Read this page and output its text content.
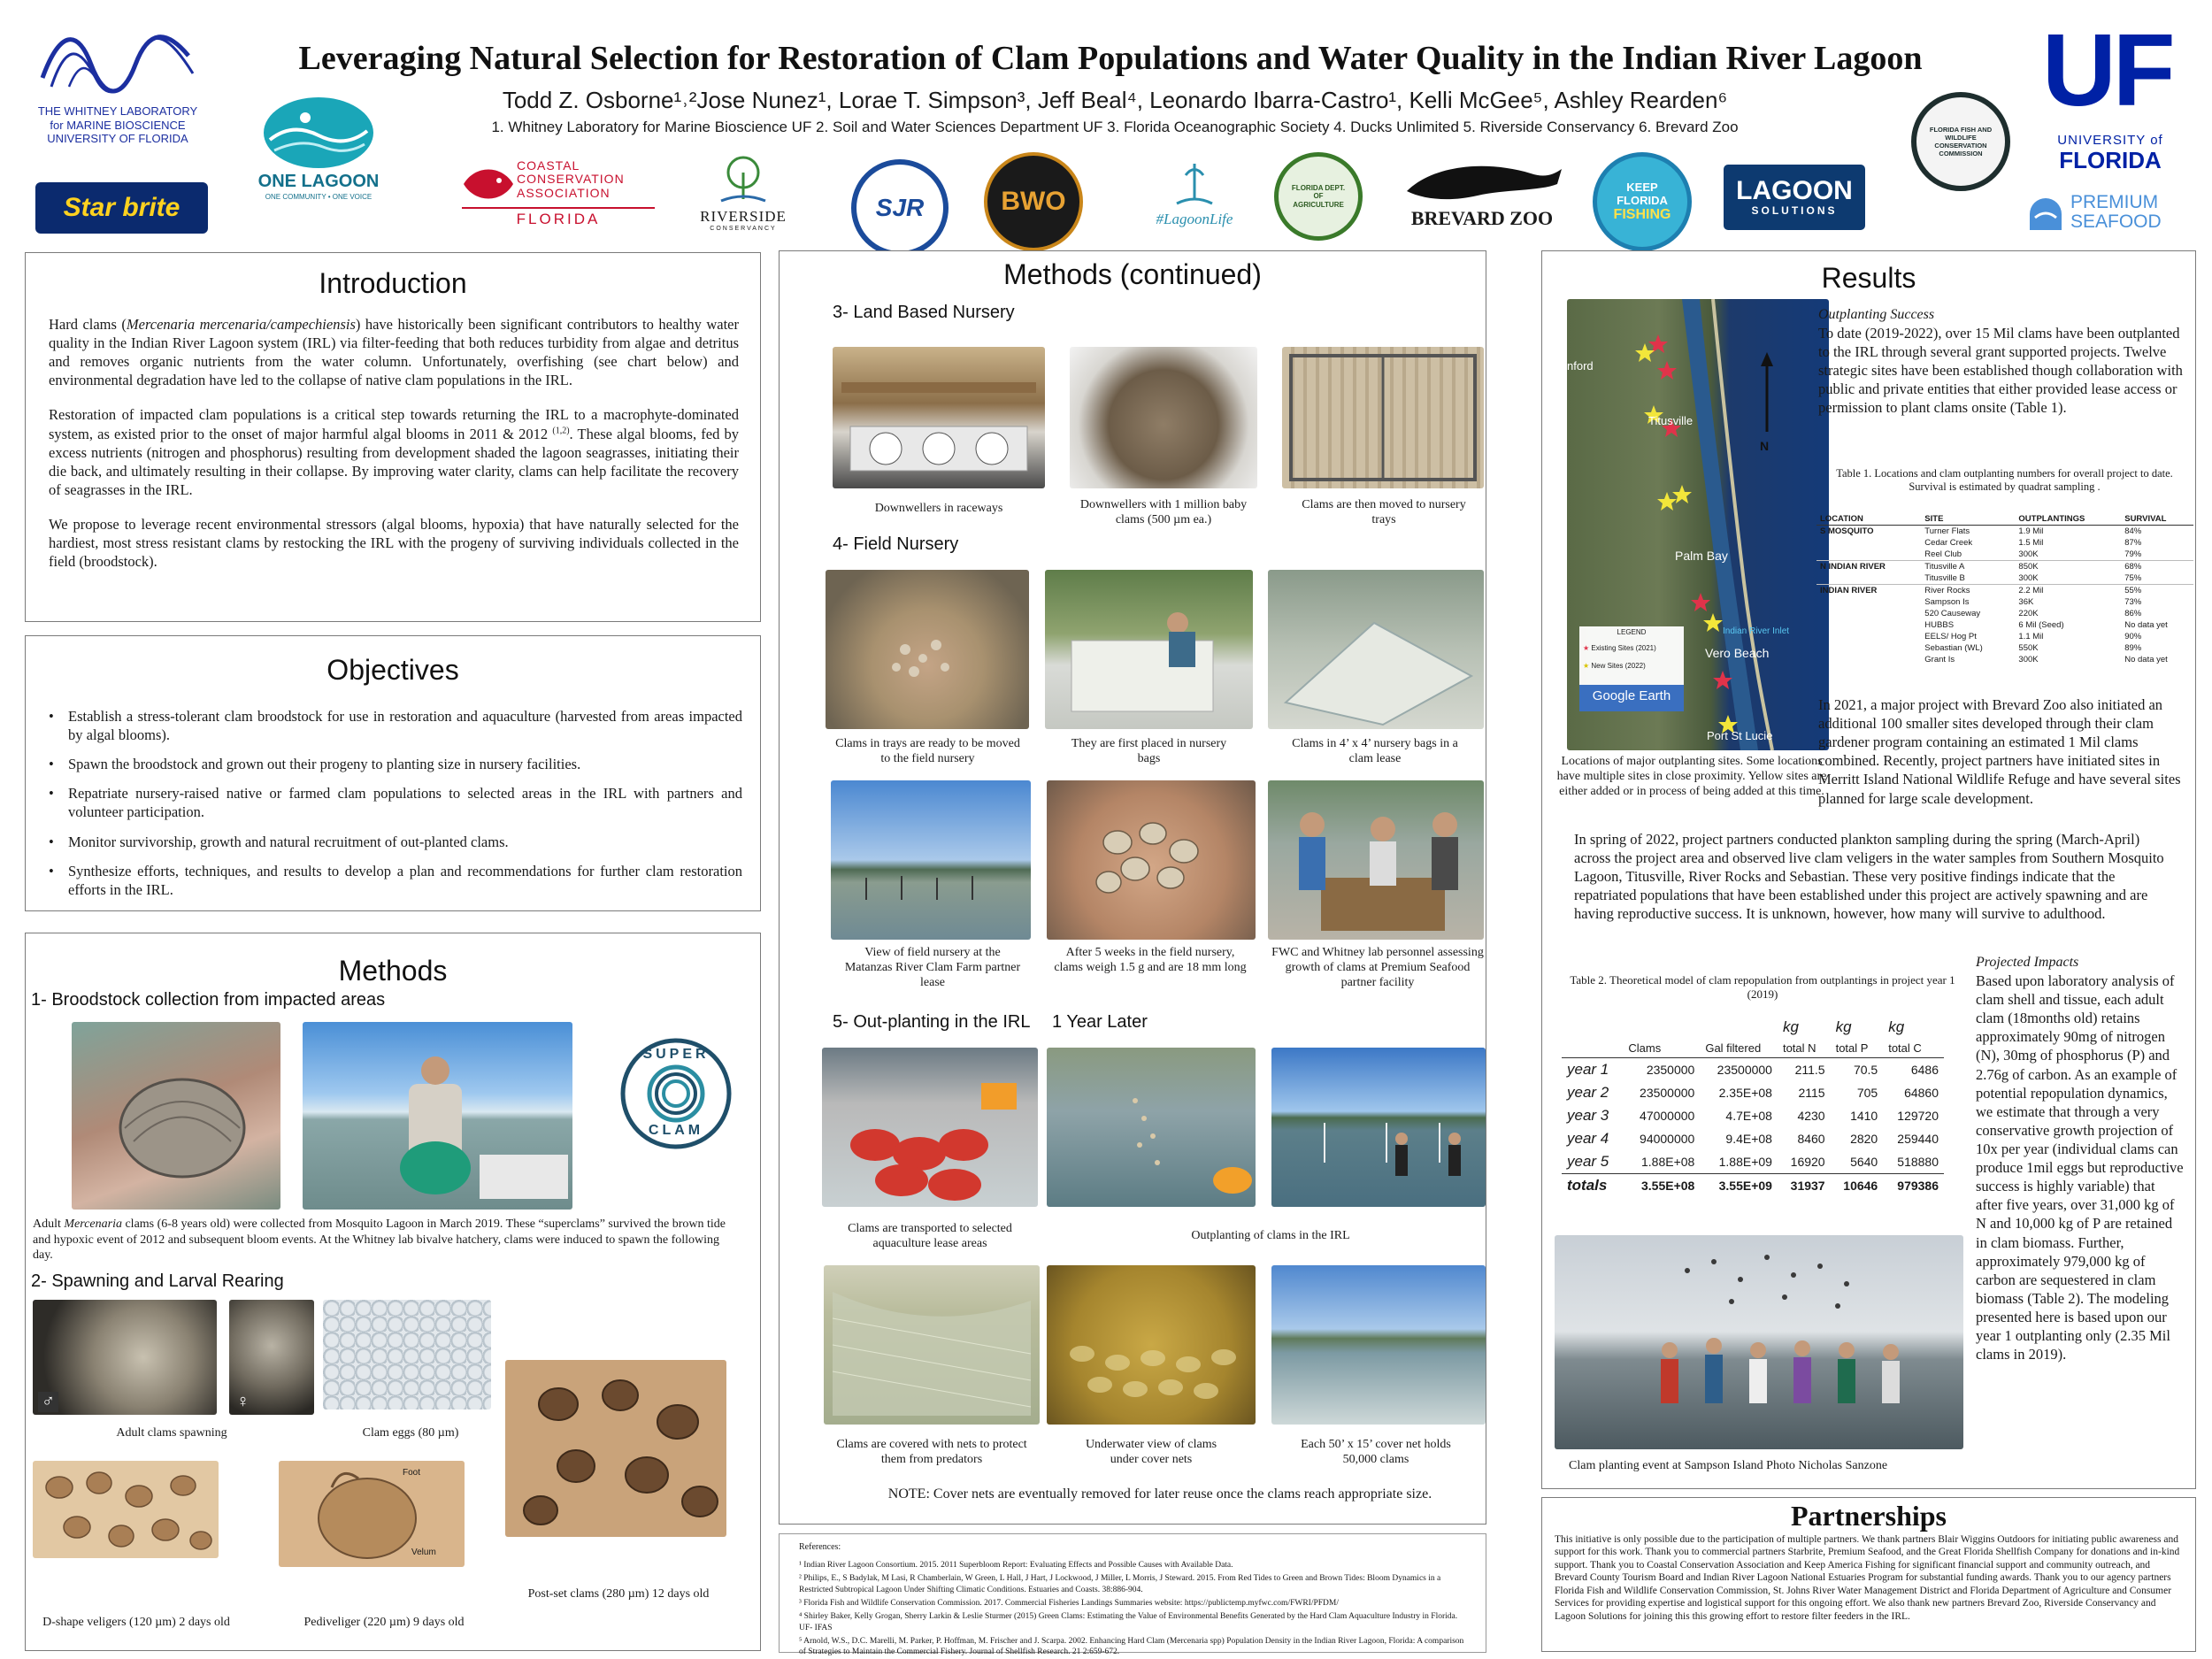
THE WHITNEY LABORATORY
for MARINE BIOSCIENCE
UNIVERSITY OF FLORIDA
ONE LAGOON
ONE COMMUNITY • ONE VOICE
Star brite
COASTAL
CONSERVATION
ASSOCIATION
FLORIDA	RIVERSIDE
CONSERVANCY
SJR	BWO
#LagoonLife
FLORIDA DEPT. OF AGRICULTURE
BREVARD ZOO
KEEP
FLORIDA
FISHING
LAGOON
SOLUTIONS
FLORIDA FISH AND WILDLIFE CONSERVATION COMMISSION
UF
UNIVERSITY of
FLORIDA
PREMIUM
SEAFOOD
Leveraging Natural Selection for Restoration of Clam Populations and Water Quality in the Indian River Lagoon
Todd Z. Osborne¹˒²Jose Nunez¹, Lorae T. Simpson³, Jeff Beal⁴, Leonardo Ibarra-Castro¹, Kelli McGee⁵, Ashley Rearden⁶
1. Whitney Laboratory for Marine Bioscience UF 2. Soil and Water Sciences Department UF 3. Florida Oceanographic Society 4. Ducks Unlimited 5. Riverside Conservancy 6. Brevard Zoo
Introduction

Hard clams (Mercenaria mercenaria/campechiensis) have historically been significant contributors to healthy water quality in the Indian River Lagoon system (IRL) via filter-feeding that both reduces turbidity from algae and detritus and removes organic nutrients from the water column. Unfortunately, overfishing (see chart below) and environmental degradation have led to the collapse of native clam populations in the IRL.

Restoration of impacted clam populations is a critical step towards returning the IRL to a macrophyte-dominated system, as existed prior to the onset of major harmful algal blooms in 2011 & 2012 $^{(1,2)}$. These algal blooms, fed by excess nutrients (nitrogen and phosphorus) resulting from development shaded the lagoon seagrasses, initiating their die back, and ultimately resulting in their collapse. By improving water clarity, clams can help facilitate the recovery of seagrasses in the IRL.

We propose to leverage recent environmental stressors (algal blooms, hypoxia) that have naturally selected for the hardiest, most stress resistant clams by restocking the IRL with the progeny of surviving individuals collected in the field (broodstock).

Objectives
• Establish a stress-tolerant clam broodstock for use in restoration and aquaculture (harvested from areas impacted by algal blooms).
• Spawn the broodstock and grown out their progeny to planting size in nursery facilities.
• Repatriate nursery-raised native or farmed clam populations to selected areas in the IRL with partners and volunteer participation.
• Monitor survivorship, growth and natural recruitment of out-planted clams.
• Synthesize efforts, techniques, and results to develop a plan and recommendations for further clam restoration efforts in the IRL.
Methods
1- Broodstock collection from impacted areas
SUPER
CLAM

Adult Mercenaria clams (6-8 years old) were collected from Mosquito Lagoon in March 2019. These “superclams” survived the brown tide and hypoxic event of 2012 and subsequent bloom events. At the Whitney lab bivalve hatchery, clams were induced to spawn the following day.

2- Spawning and Larval Rearing
♂	♀
Adult clams spawning	Clam eggs (80 µm)
Foot
Velum
Post-set clams (280 µm) 12 days old
D-shape veligers (120 µm) 2 days old	Pediveliger (220 µm) 9 days old
Methods (continued)
3- Land Based Nursery
Downwellers in raceways	Downwellers with 1 million baby clams (500 µm ea.)
Clams are then moved to nursery trays
4- Field Nursery
Clams in trays are ready to be moved to the field nursery
They are first placed in nursery bags
Clams in 4’ x 4’ nursery bags in a clam lease
View of field nursery at the Matanzas River Clam Farm partner lease
After 5 weeks in the field nursery, clams weigh 1.5 g and are 18 mm long
FWC and Whitney lab personnel assessing growth of clams at Premium Seafood partner facility
5- Out-planting in the IRL 1 Year Later
Clams are transported to selected aquaculture lease areas
Outplanting of clams in the IRL
Clams are covered with nets to protect them from predators
Underwater view of clams under cover nets
Each 50’ x 15’ cover net holds 50,000 clams
NOTE: Cover nets are eventually removed for later reuse once the clams reach appropriate size.

References:

¹ Indian River Lagoon Consortium. 2015. 2011 Superbloom Report: Evaluating Effects and Possible Causes with Available Data.

² Philips, E., S Badylak, M Lasi, R Chamberlain, W Green, L Hall, J Hart, J Lockwood, J Miller, L Morris, J Steward. 2015. From Red Tides to Green and Brown Tides: Bloom Dynamics in a Restricted Subtropical Lagoon Under Shifting Climatic Conditions. Estuaries and Coasts. 38:886-904.

³ Florida Fish and Wildlife Conservation Commission. 2017. Commercial Fisheries Landings Summaries website: https://publictemp.myfwc.com/FWRI/PFDM/

⁴ Shirley Baker, Kelly Grogan, Sherry Larkin & Leslie Sturmer (2015) Green Clams: Estimating the Value of Environmental Benefits Generated by the Hard Clam Aquaculture Industry in Florida. UF- IFAS

⁵ Arnold, W.S., D.C. Marelli, M. Parker, P. Hoffman, M. Frischer and J. Scarpa. 2002. Enhancing Hard Clam (Mercenaria spp) Population Density in the Indian River Lagoon, Florida: A comparison of Strategies to Maintain the Commercial Fishery. Journal of Shellfish Research. 21 2:659-672.

Results
nford
Titusville
Palm Bay
Indian River Inlet
Vero Beach
Port St Lucie
N
LEGEND
★ Existing Sites (2021)
★ New Sites (2022)
Google Earth
Locations of major outplanting sites. Some locations have multiple sites in close proximity. Yellow sites are either added or in process of being added at this time.
Outplanting Success
To date (2019-2022), over 15 Mil clams have been outplanted to the IRL through several grant supported projects. Twelve strategic sites have been established though collaboration with public and private entities that either provided lease access or permission to plant clams onsite (Table 1).
Table 1. Locations and clam outplanting numbers for overall project to date. Survival is estimated by quadrat sampling .
LOCATION	SITE	OUTPLANTINGS	SURVIVAL
S MOSQUITO	Turner Flats	1.9 Mil	84%
	Cedar Creek	1.5 Mil	87%
	Reel Club	300K	79%
N INDIAN RIVER	Titusville A	850K	68%
	Titusville B	300K	75%
INDIAN RIVER	River Rocks	2.2 Mil	55%
	Sampson Is	36K	73%
	520 Causeway	220K	86%
	HUBBS	6 Mil (Seed)	No data yet
	EELS/ Hog Pt	1.1 Mil	90%
	Sebastian (WL)	550K	89%
	Grant Is	300K	No data yet
In 2021, a major project with Brevard Zoo also initiated an additional 100 smaller sites developed through their clam gardener program containing an estimated 1 Mil clams combined. Recently, project partners have initiated sites in Merritt Island National Wildlife Refuge and have several sites planned for large scale development.
In spring of 2022, project partners conducted plankton sampling during the spring (March-April) across the project area and observed live clam veligers in the water samples from Southern Mosquito Lagoon, Titusville, River Rocks and Sebastian. These very positive findings indicate that the repatriated populations that have been established under this project are actively spawning and are having reproductive success. It is unknown, however, how many will survive to adulthood.
Table 2. Theoretical model of clam repopulation from outplantings in project year 1 (2019)
			kg	kg	kg
	Clams	Gal filtered	total N	total P	total C
year 1	2350000	23500000	211.5	70.5	6486
year 2	23500000	2.35E+08	2115	705	64860
year 3	47000000	4.7E+08	4230	1410	129720
year 4	94000000	9.4E+08	8460	2820	259440
year 5	1.88E+08	1.88E+09	16920	5640	518880
totals	3.55E+08	3.55E+09	31937	10646	979386
Projected Impacts
Based upon laboratory analysis of clam shell and tissue, each adult clam (18months old) retains approximately 90mg of nitrogen (N), 30mg of phosphorus (P) and 2.76g of carbon. As an example of potential repopulation dynamics, we estimate that through a very conservative growth projection of 10x per year (individual clams can produce 1mil eggs but reproductive success is highly variable) that after five years, over 31,000 kg of N and 10,000 kg of P are retained in clam biomass. Further, approximately 979,000 kg of carbon are sequestered in clam biomass (Table 2). The modeling presented here is based upon our year 1 outplanting only (2.35 Mil clams in 2019).
Clam planting event at Sampson Island Photo Nicholas Sanzone
Partnerships
This initiative is only possible due to the participation of multiple partners. We thank partners Blair Wiggins Outdoors for initiating public awareness and support for this work. Thank you to commercial partners Starbrite, Premium Seafood, and the Great Florida Shellfish Company for donations and in-kind support. Thank you to Coastal Conservation Association and Keep America Fishing for significant financial support and community outreach, and Brevard County Tourism Board and Indian River Lagoon National Estuaries Program for substantial funding awards. Thank you to our agency partners Florida Fish and Wildlife Conservation Commission, St. Johns River Water Management District and Florida Department of Agriculture and Consumer Services for providing expertise and logistical support for this ongoing effort. We also thank new partners Brevard Zoo, Riverside Conservancy and Lagoon Solutions for joining this this growing effort to restore filter feeders in the IRL.
